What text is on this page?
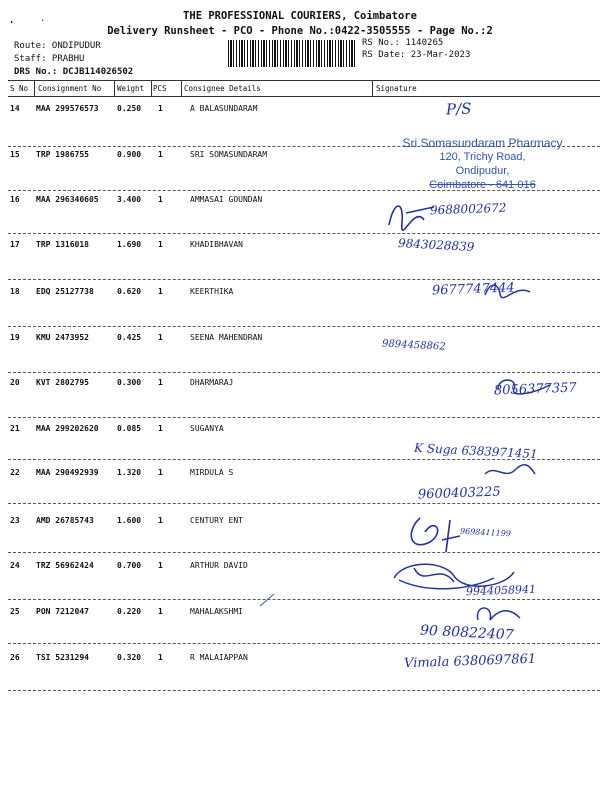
.	.	THE PROFESSIONAL COURIERS, Coimbatore
Delivery Runsheet - PCO - Phone No.:0422-3505555 - Page No.:2
Route: ONDIPUDUR
Staff: PRABHU
DRS No.: DCJB114026502
RS No.: 1140265
RS Date: 23-Mar-2023
S No Consignment No Weight PCS Consignee Details	Signature
14 MAA 299576573 0.250 1	A BALASUNDARAM	P/S
15 TRP 1986755	0.900 1	SRI SOMASUNDARAM
16 MAA 296340605 3.400 1	AMMASAI GOUNDAN
9688002672
17 TRP 1316018	1.690 1	KHADIBHAVAN	9843028839
18 EDQ 25127738	0.620 1	KEERTHIKA	9677747444
19 KMU 2473952	0.425 1	SEENA MAHENDRAN
9894458862
20 KVT 2802795	0.300 1	DHARMARAJ	8056377357
21 MAA 299202620 0.085 1	SUGANYA
K Suga 6383971451
22 MAA 290492939 1.320 1	MIRDULA S
9600403225
23 AMD 26785743	1.600 1	CENTURY ENT
9698411199
24 TRZ 56962424	0.700 1	ARTHUR DAVID
9944058941
25 PON 7212047	0.220 1	MAHALAKSHMI
90 80822407
26 TSI 5231294	0.320 1	R MALAIAPPAN	Vimala 6380697861
Sri Somasundaram Pharmacy
120, Trichy Road,
Ondipudur,
Coimbatore - 641 016
